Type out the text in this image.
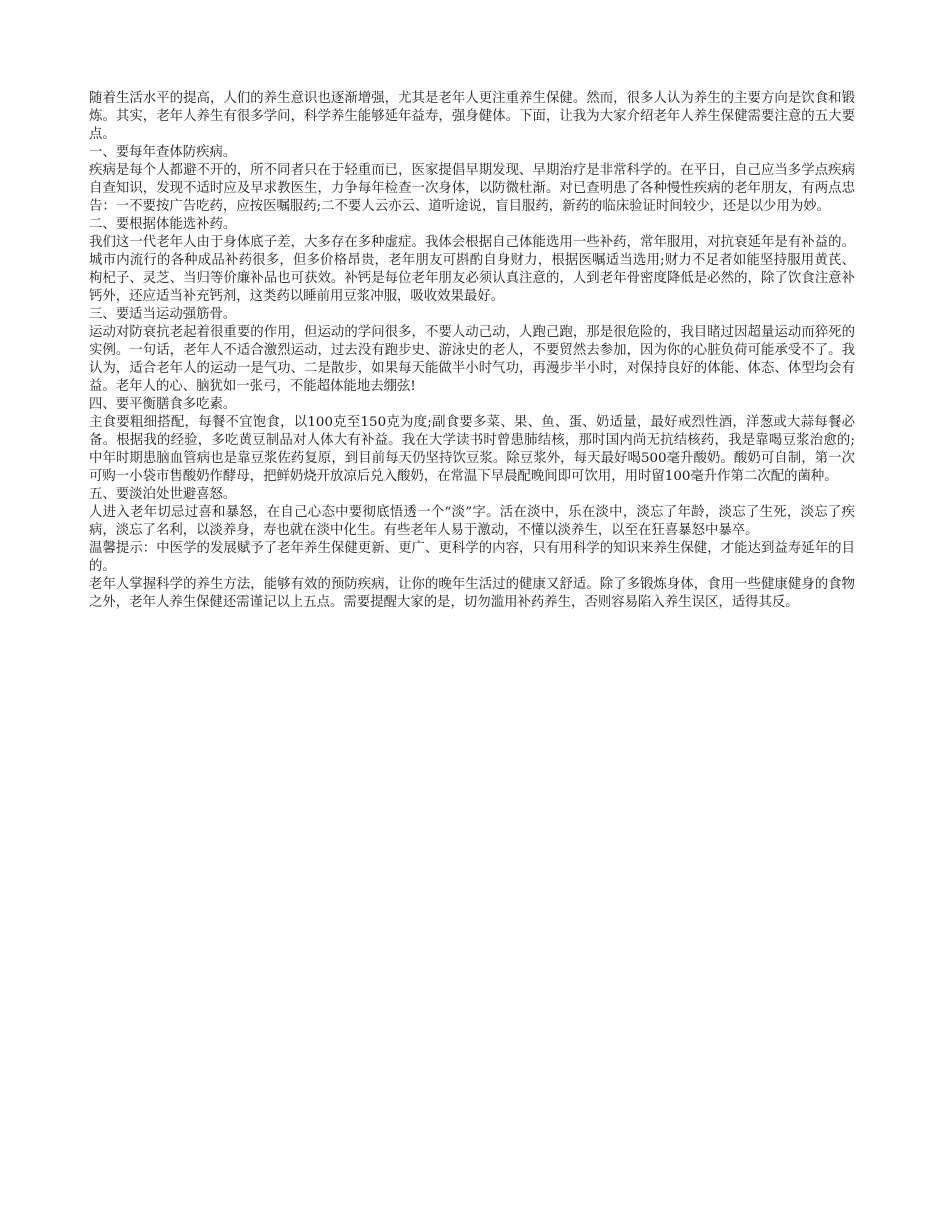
随着生活水平的提高，人们的养生意识也逐渐增强，尤其是老年人更注重养生保健。然而，很多人认为养生的主要方向是饮食和锻炼。其实，老年人养生有很多学问，科学养生能够延年益寿，强身健体。下面，让我为大家介绍老年人养生保健需要注意的五大要点。

一、要每年查体防疾病。

疾病是每个人都避不开的，所不同者只在于轻重而已，医家提倡早期发现、早期治疗是非常科学的。在平日，自己应当多学点疾病自查知识，发现不适时应及早求教医生，力争每年检查一次身体，以防微杜渐。对已查明患了各种慢性疾病的老年朋友，有两点忠告：一不要按广告吃药，应按医嘱服药;二不要人云亦云、道听途说，盲目服药，新药的临床验证时间较少，还是以少用为妙。

二、要根据体能选补药。

我们这一代老年人由于身体底子差，大多存在多种虚症。我体会根据自己体能选用一些补药，常年服用，对抗衰延年是有补益的。城市内流行的各种成品补药很多，但多价格昂贵，老年朋友可斟酌自身财力，根据医嘱适当选用;财力不足者如能坚持服用黄芪、枸杞子、灵芝、当归等价廉补品也可获效。补钙是每位老年朋友必须认真注意的，人到老年骨密度降低是必然的，除了饮食注意补钙外，还应适当补充钙剂，这类药以睡前用豆浆冲服，吸收效果最好。

三、要适当运动强筋骨。

运动对防衰抗老起着很重要的作用，但运动的学问很多，不要人动己动，人跑己跑，那是很危险的，我目睹过因超量运动而猝死的实例。一句话，老年人不适合激烈运动，过去没有跑步史、游泳史的老人，不要贸然去参加，因为你的心脏负荷可能承受不了。我认为，适合老年人的运动一是气功、二是散步，如果每天能做半小时气功，再漫步半小时，对保持良好的体能、体态、体型均会有益。老年人的心、脑犹如一张弓，不能超体能地去绷弦!

四、要平衡膳食多吃素。

主食要粗细搭配，每餐不宜饱食，以100克至150克为度;副食要多菜、果、鱼、蛋、奶适量，最好戒烈性酒，洋葱或大蒜每餐必备。根据我的经验，多吃黄豆制品对人体大有补益。我在大学读书时曾患肺结核，那时国内尚无抗结核药，我是靠喝豆浆治愈的;中年时期患脑血管病也是靠豆浆佐药复原，到目前每天仍坚持饮豆浆。除豆浆外，每天最好喝500毫升酸奶。酸奶可自制，第一次可购一小袋市售酸奶作酵母，把鲜奶烧开放凉后兑入酸奶，在常温下早晨配晚间即可饮用，用时留100毫升作第二次配的菌种。

五、要淡泊处世避喜怒。

人进入老年切忌过喜和暴怒，在自己心态中要彻底悟透一个“淡”字。活在淡中，乐在淡中，淡忘了年龄，淡忘了生死，淡忘了疾病，淡忘了名利，以淡养身，寿也就在淡中化生。有些老年人易于激动，不懂以淡养生，以至在狂喜暴怒中暴卒。

温馨提示：中医学的发展赋予了老年养生保健更新、更广、更科学的内容，只有用科学的知识来养生保健，才能达到益寿延年的目的。

老年人掌握科学的养生方法，能够有效的预防疾病，让你的晚年生活过的健康又舒适。除了多锻炼身体，食用一些健康健身的食物之外，老年人养生保健还需谨记以上五点。需要提醒大家的是，切勿滥用补药养生，否则容易陷入养生误区，适得其反。
